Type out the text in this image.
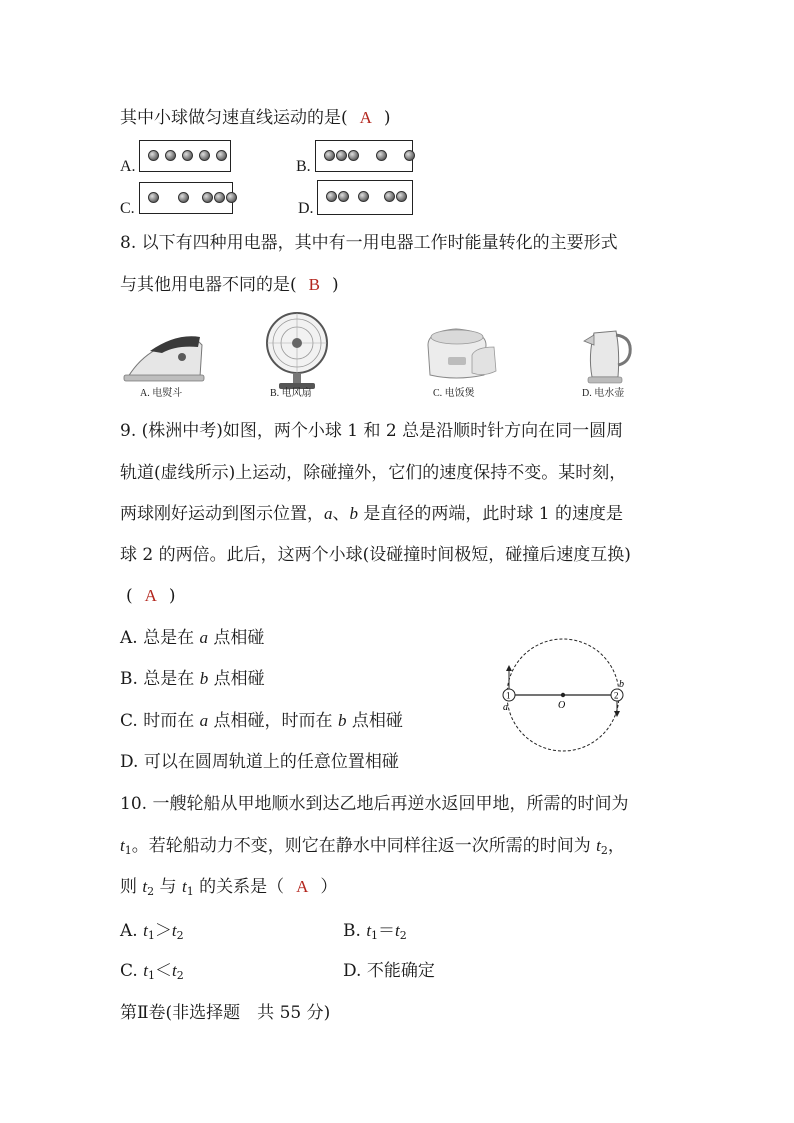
其中小球做匀速直线运动的是( A )
A.	B.
C.	D.
8. 以下有四种用电器，其中有一用电器工作时能量转化的主要形式
与其他用电器不同的是( B )
A. 电熨斗	B. 电风扇	C. 电饭煲	D. 电水壶
9. (株洲中考)如图，两个小球 1 和 2 总是沿顺时针方向在同一圆周
轨道(虚线所示)上运动，除碰撞外，它们的速度保持不变。某时刻，
两球刚好运动到图示位置，a、b 是直径的两端，此时球 1 的速度是
球 2 的两倍。此后，这两个小球(设碰撞时间极短，碰撞后速度互换)
( A )
A. 总是在 a 点相碰
B. 总是在 b 点相碰
C. 时而在 a 点相碰，时而在 b 点相碰
D. 可以在圆周轨道上的任意位置相碰
1	2
a
b
O
10. 一艘轮船从甲地顺水到达乙地后再逆水返回甲地，所需的时间为
$t_1$。若轮船动力不变，则它在静水中同样往返一次所需的时间为 $t_2$，
则 $t_2$ 与 $t_1$ 的关系是（ A ）
A. $t_1>t_2$	B. $t_1=t_2$
C. $t_1<t_2$	D. 不能确定
第Ⅱ卷(非选择题　共 55 分)
